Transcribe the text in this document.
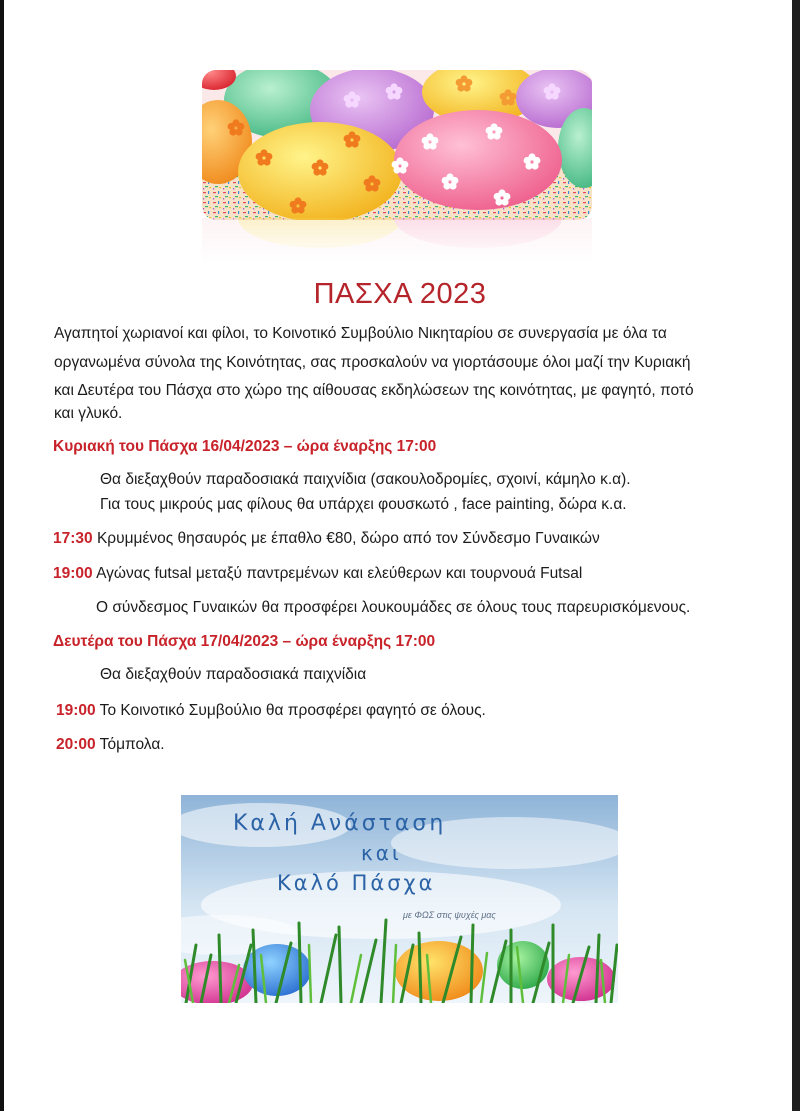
ΠΑΣΧΑ 2023
Αγαπητοί χωριανοί και φίλοι, το Κοινοτικό Συμβούλιο Νικηταρίου σε συνεργασία με όλα τα
οργανωμένα σύνολα της Κοινότητας, σας προσκαλούν να γιορτάσουμε όλοι μαζί την Κυριακή
και Δευτέρα του Πάσχα στο χώρο της αίθουσας εκδηλώσεων της κοινότητας, με φαγητό, ποτό
και γλυκό.
Κυριακή του Πάσχα 16/04/2023 – ώρα έναρξης 17:00
Θα διεξαχθούν παραδοσιακά παιχνίδια (σακουλοδρομίες, σχοινί, κάμηλο κ.α).
Για τους μικρούς μας φίλους θα υπάρχει φουσκωτό , face painting, δώρα κ.α.
17:30 Κρυμμένος θησαυρός με έπαθλο €80, δώρο από τον Σύνδεσμο Γυναικών
19:00 Αγώνας futsal μεταξύ παντρεμένων και ελεύθερων και τουρνουά Futsal
Ο σύνδεσμος Γυναικών θα προσφέρει λουκουμάδες σε όλους τους παρευρισκόμενους.
Δευτέρα του Πάσχα 17/04/2023 – ώρα έναρξης 17:00
Θα διεξαχθούν παραδοσιακά παιχνίδια
19:00 Το Κοινοτικό Συμβούλιο θα προσφέρει φαγητό σε όλους.
20:00 Τόμπολα.
Καλή Ανάσταση
και
Καλό Πάσχα
με ΦΩΣ στις ψυχές μας
